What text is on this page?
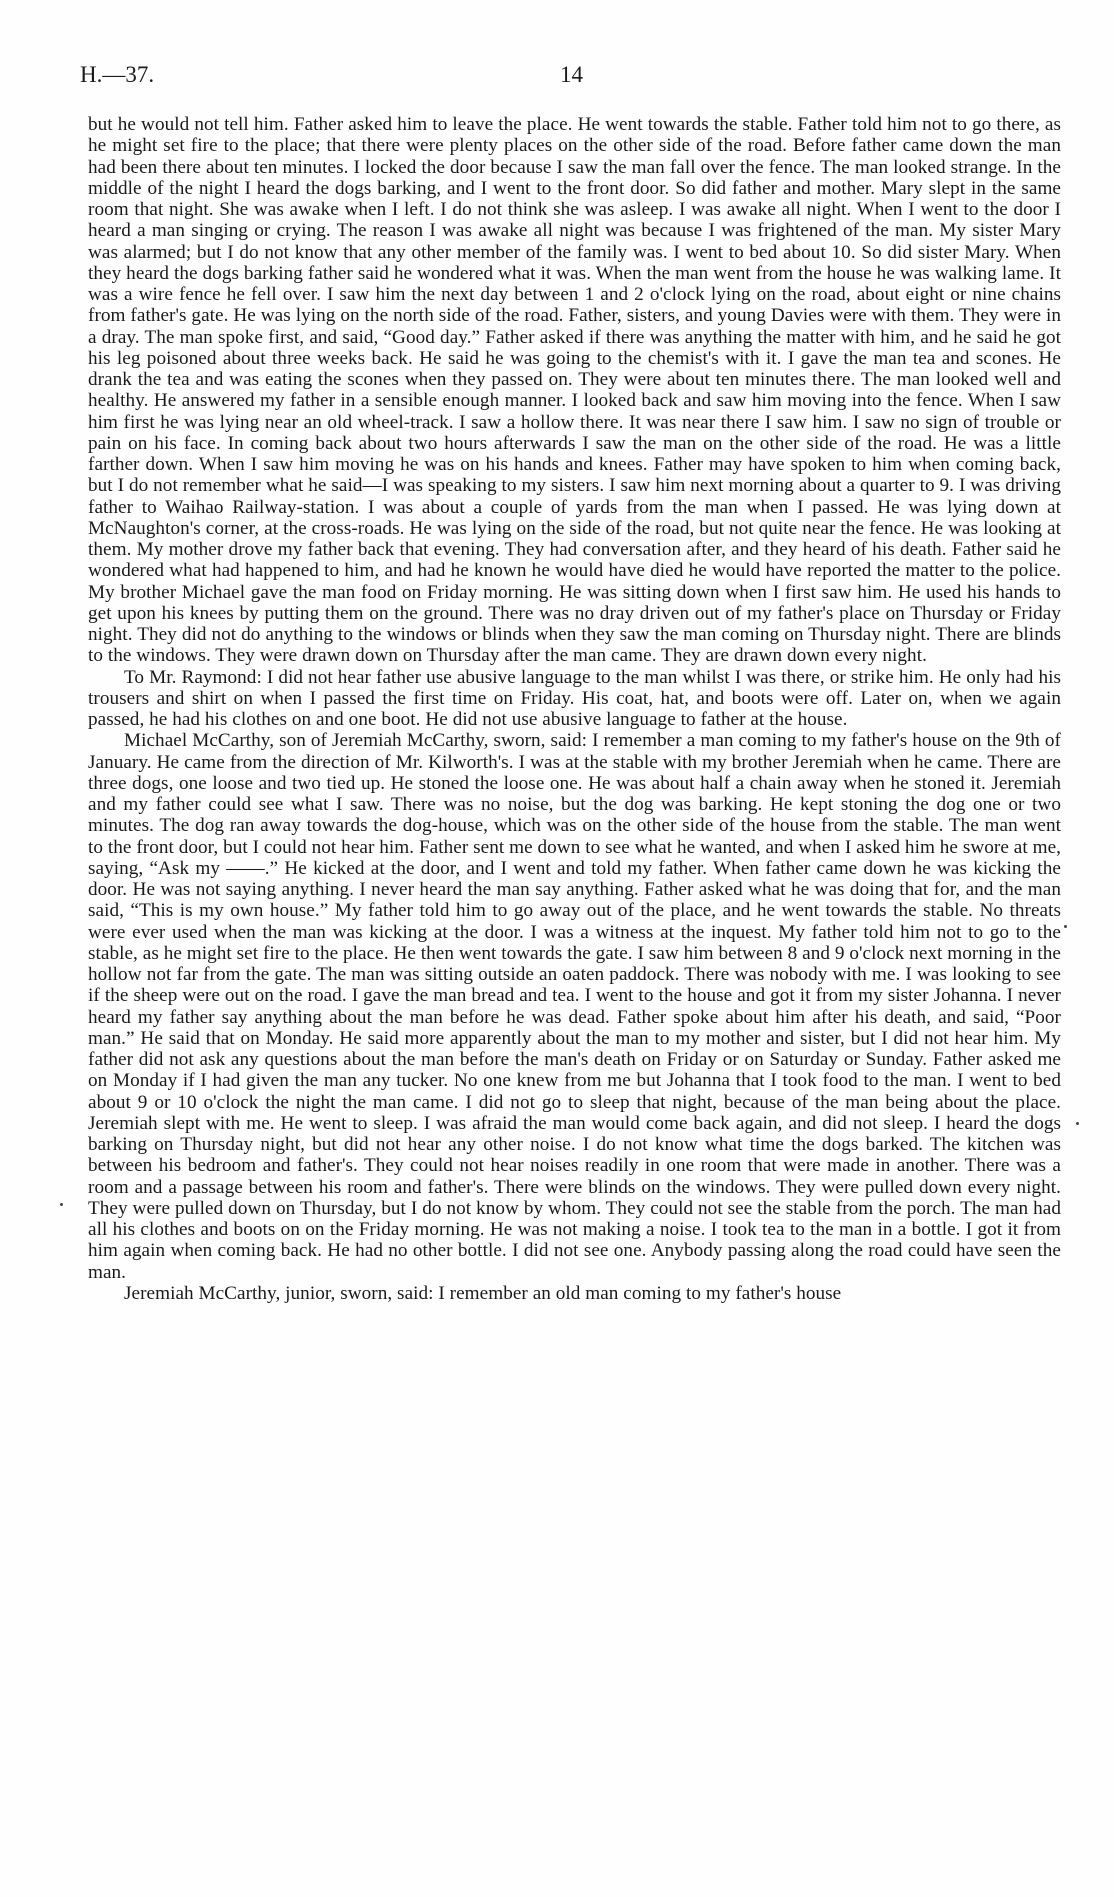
H.—37.	14

but he would not tell him. Father asked him to leave the place. He went towards the stable. Father told him not to go there, as he might set fire to the place; that there were plenty places on the other side of the road. Before father came down the man had been there about ten minutes. I locked the door because I saw the man fall over the fence. The man looked strange. In the middle of the night I heard the dogs barking, and I went to the front door. So did father and mother. Mary slept in the same room that night. She was awake when I left. I do not think she was asleep. I was awake all night. When I went to the door I heard a man singing or crying. The reason I was awake all night was because I was frightened of the man. My sister Mary was alarmed; but I do not know that any other member of the family was. I went to bed about 10. So did sister Mary. When they heard the dogs barking father said he wondered what it was. When the man went from the house he was walking lame. It was a wire fence he fell over. I saw him the next day between 1 and 2 o'clock lying on the road, about eight or nine chains from father's gate. He was lying on the north side of the road. Father, sisters, and young Davies were with them. They were in a dray. The man spoke first, and said, “Good day.” Father asked if there was anything the matter with him, and he said he got his leg poisoned about three weeks back. He said he was going to the chemist's with it. I gave the man tea and scones. He drank the tea and was eating the scones when they passed on. They were about ten minutes there. The man looked well and healthy. He answered my father in a sensible enough manner. I looked back and saw him moving into the fence. When I saw him first he was lying near an old wheel-track. I saw a hollow there. It was near there I saw him. I saw no sign of trouble or pain on his face. In coming back about two hours afterwards I saw the man on the other side of the road. He was a little farther down. When I saw him moving he was on his hands and knees. Father may have spoken to him when coming back, but I do not remember what he said—I was speaking to my sisters. I saw him next morning about a quarter to 9. I was driving father to Waihao Railway-station. I was about a couple of yards from the man when I passed. He was lying down at McNaughton's corner, at the cross-roads. He was lying on the side of the road, but not quite near the fence. He was looking at them. My mother drove my father back that evening. They had conversation after, and they heard of his death. Father said he wondered what had happened to him, and had he known he would have died he would have reported the matter to the police. My brother Michael gave the man food on Friday morning. He was sitting down when I first saw him. He used his hands to get upon his knees by putting them on the ground. There was no dray driven out of my father's place on Thursday or Friday night. They did not do anything to the windows or blinds when they saw the man coming on Thursday night. There are blinds to the windows. They were drawn down on Thursday after the man came. They are drawn down every night.

To Mr. Raymond: I did not hear father use abusive language to the man whilst I was there, or strike him. He only had his trousers and shirt on when I passed the first time on Friday. His coat, hat, and boots were off. Later on, when we again passed, he had his clothes on and one boot. He did not use abusive language to father at the house.

Michael McCarthy, son of Jeremiah McCarthy, sworn, said: I remember a man coming to my father's house on the 9th of January. He came from the direction of Mr. Kilworth's. I was at the stable with my brother Jeremiah when he came. There are three dogs, one loose and two tied up. He stoned the loose one. He was about half a chain away when he stoned it. Jeremiah and my father could see what I saw. There was no noise, but the dog was barking. He kept stoning the dog one or two minutes. The dog ran away towards the dog-house, which was on the other side of the house from the stable. The man went to the front door, but I could not hear him. Father sent me down to see what he wanted, and when I asked him he swore at me, saying, “Ask my ——.” He kicked at the door, and I went and told my father. When father came down he was kicking the door. He was not saying anything. I never heard the man say anything. Father asked what he was doing that for, and the man said, “This is my own house.” My father told him to go away out of the place, and he went towards the stable. No threats were ever used when the man was kicking at the door. I was a witness at the inquest. My father told him not to go to the stable, as he might set fire to the place. He then went towards the gate. I saw him between 8 and 9 o'clock next morning in the hollow not far from the gate. The man was sitting outside an oaten paddock. There was nobody with me. I was looking to see if the sheep were out on the road. I gave the man bread and tea. I went to the house and got it from my sister Johanna. I never heard my father say anything about the man before he was dead. Father spoke about him after his death, and said, “Poor man.” He said that on Monday. He said more apparently about the man to my mother and sister, but I did not hear him. My father did not ask any questions about the man before the man's death on Friday or on Saturday or Sunday. Father asked me on Monday if I had given the man any tucker. No one knew from me but Johanna that I took food to the man. I went to bed about 9 or 10 o'clock the night the man came. I did not go to sleep that night, because of the man being about the place. Jeremiah slept with me. He went to sleep. I was afraid the man would come back again, and did not sleep. I heard the dogs barking on Thursday night, but did not hear any other noise. I do not know what time the dogs barked. The kitchen was between his bedroom and father's. They could not hear noises readily in one room that were made in another. There was a room and a passage between his room and father's. There were blinds on the windows. They were pulled down every night. They were pulled down on Thursday, but I do not know by whom. They could not see the stable from the porch. The man had all his clothes and boots on on the Friday morning. He was not making a noise. I took tea to the man in a bottle. I got it from him again when coming back. He had no other bottle. I did not see one. Anybody passing along the road could have seen the man.

Jeremiah McCarthy, junior, sworn, said: I remember an old man coming to my father's house
